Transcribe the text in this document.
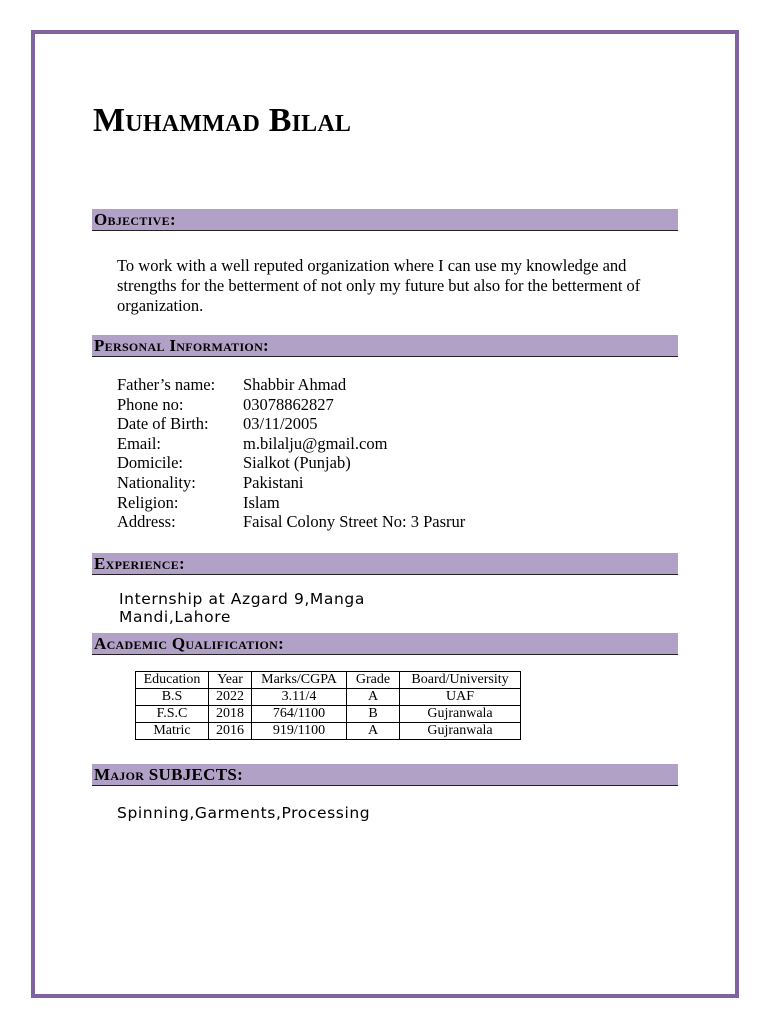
Muhammad Bilal
Objective:
To work with a well reputed organization where I can use my knowledge and strengths for the betterment of not only my future but also for the betterment of organization.
Personal Information:
Father’s name: Shabbir Ahmad
Phone no:	03078862827
Date of Birth: 03/11/2005
Email:	m.bilalju@gmail.com
Domicile:	Sialkot (Punjab)
Nationality:	Pakistani
Religion:	Islam
Address:	Faisal Colony Street No: 3 Pasrur
Experience:
Internship at Azgard 9,Manga
Mandi,Lahore
Academic Qualification:
Education	Year	Marks/CGPA	Grade	Board/University
B.S	2022	3.11/4	A	UAF
F.S.C	2018	764/1100	B	Gujranwala
Matric	2016	919/1100	A	Gujranwala
Major SUBJECTS:
Spinning,Garments,Processing
